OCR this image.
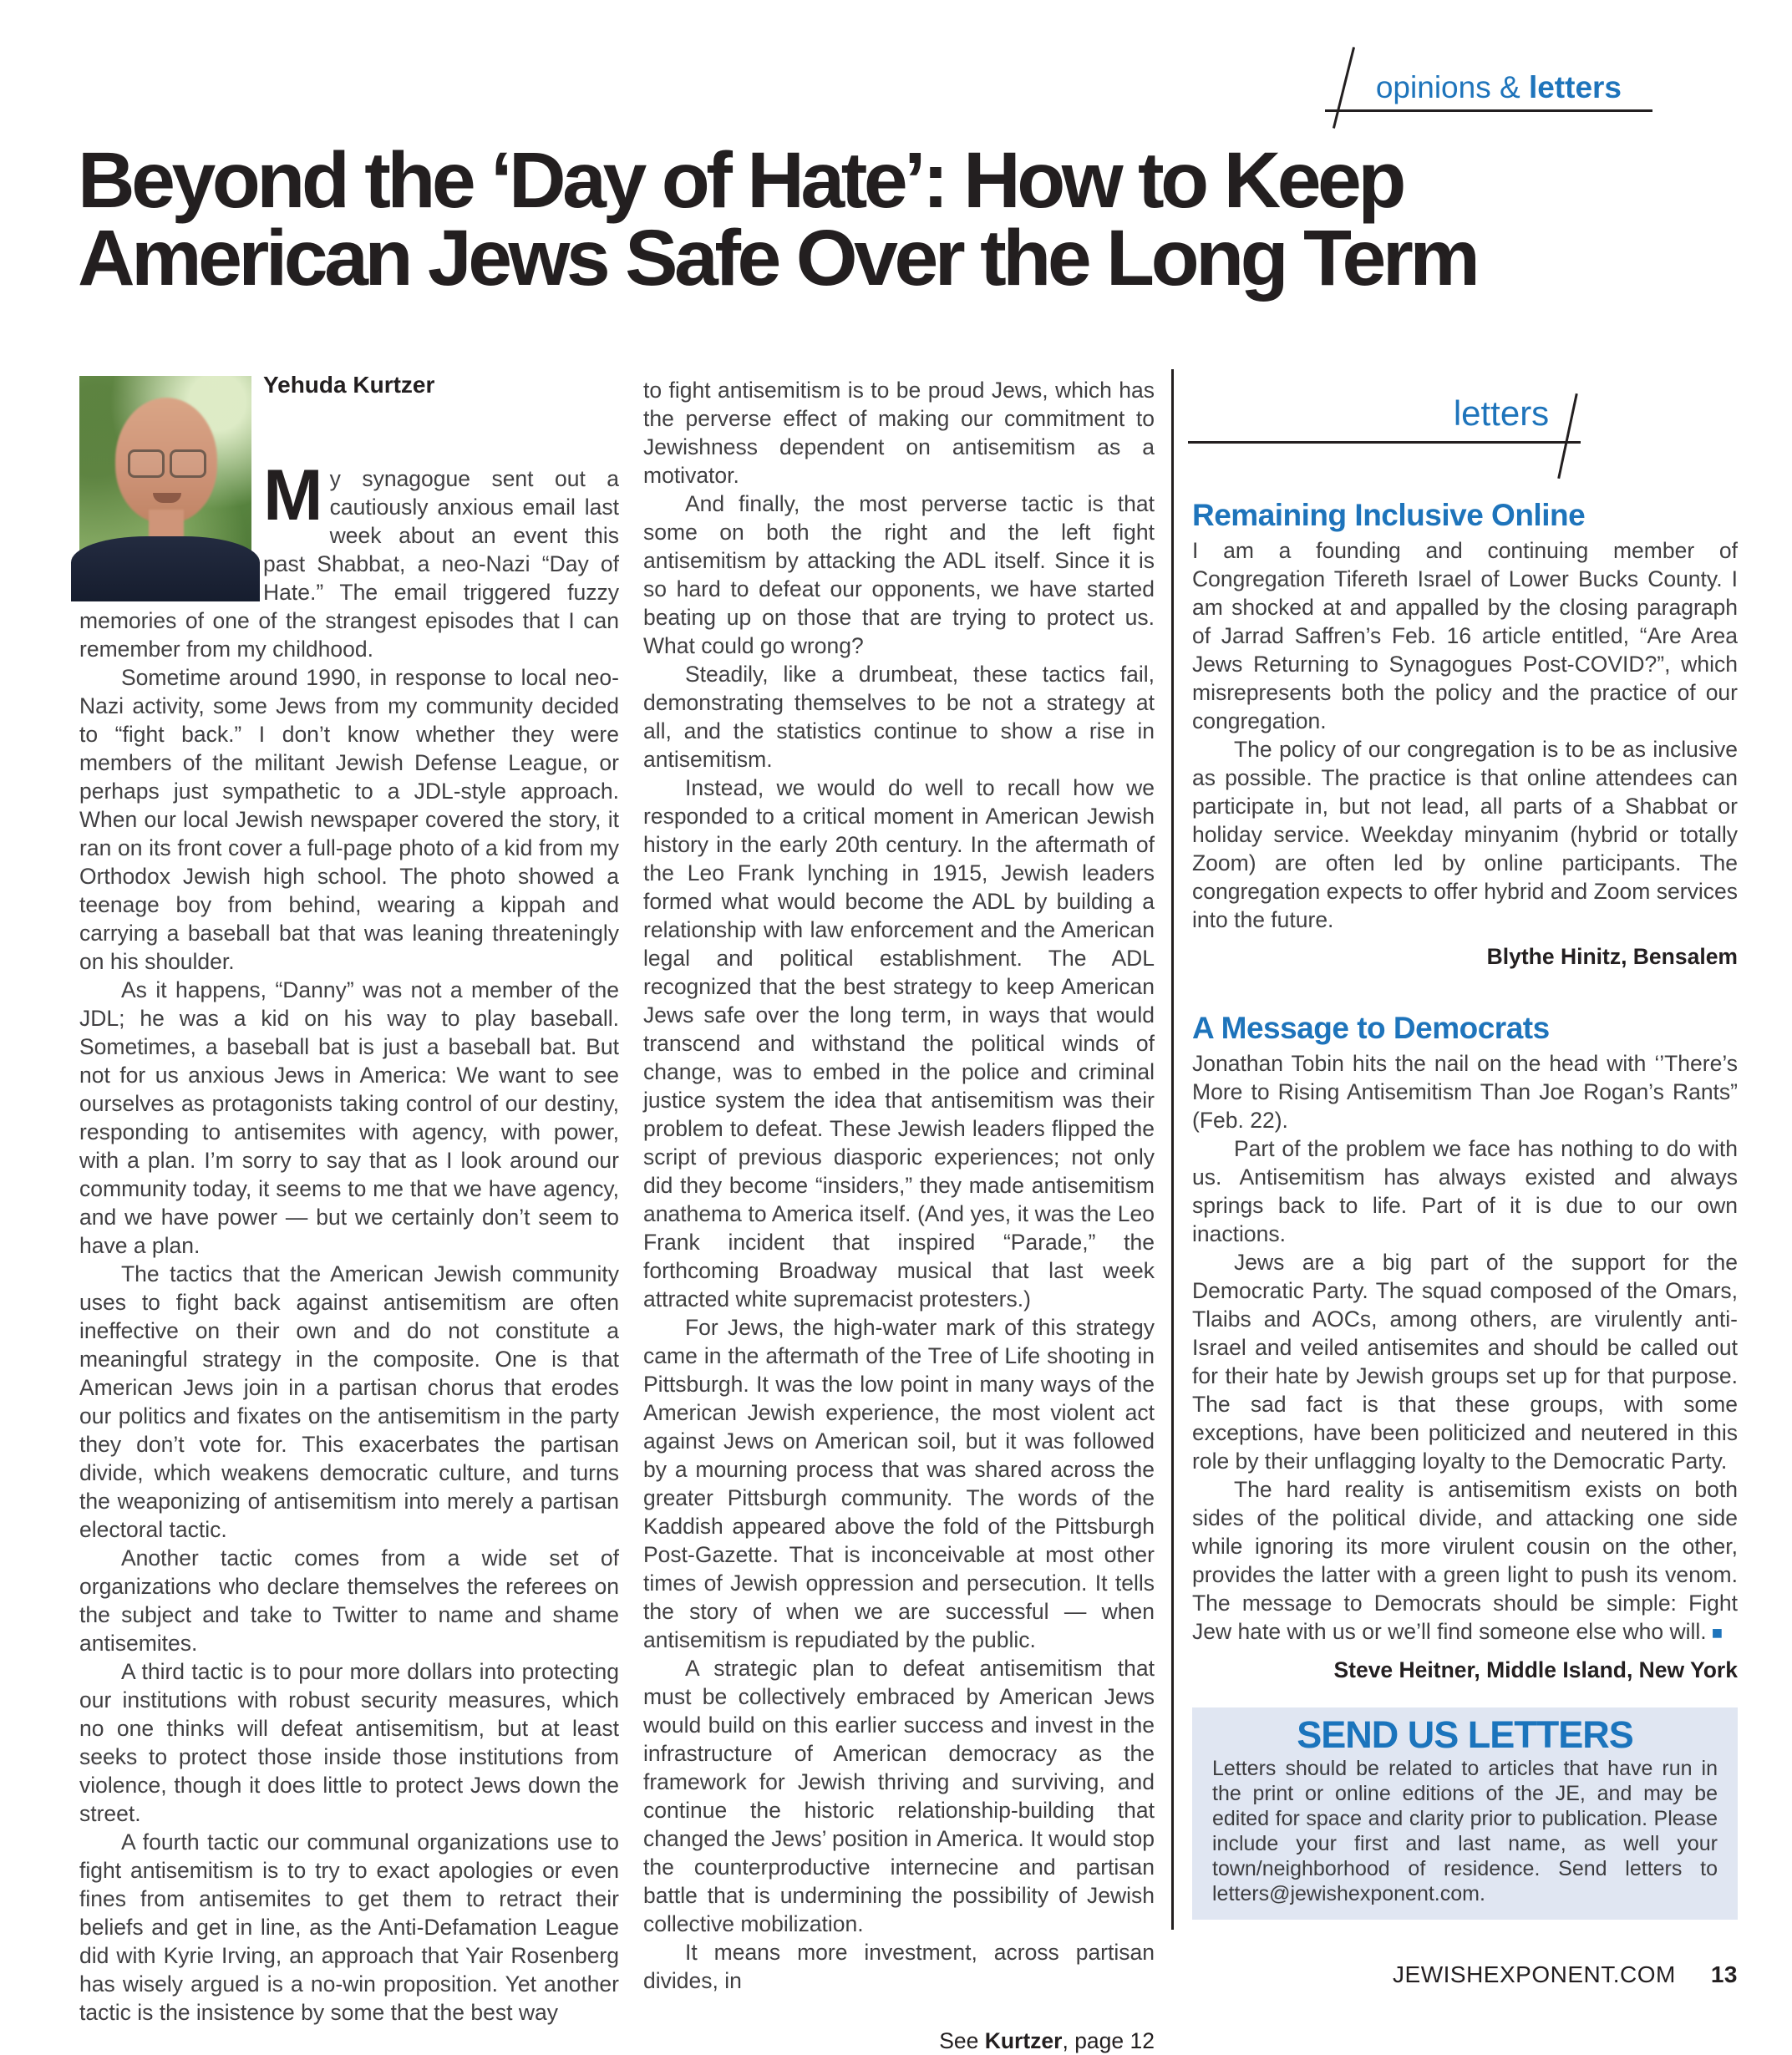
opinions & letters
Beyond the ‘Day of Hate’: How to Keep American Jews Safe Over the Long Term
Yehuda Kurtzer

My synagogue sent out a cautiously anxious email last week about an event this past Shabbat, a neo-Nazi “Day of Hate.” The email triggered fuzzy memories of one of the strangest episodes that I can remember from my childhood.

Sometime around 1990, in response to local neo-Nazi activity, some Jews from my community decided to “fight back.” I don’t know whether they were members of the militant Jewish Defense League, or perhaps just sympathetic to a JDL-style approach. When our local Jewish newspaper covered the story, it ran on its front cover a full-page photo of a kid from my Orthodox Jewish high school. The photo showed a teenage boy from behind, wearing a kippah and carrying a baseball bat that was leaning threateningly on his shoulder.

As it happens, “Danny” was not a member of the JDL; he was a kid on his way to play baseball. Sometimes, a baseball bat is just a baseball bat. But not for us anxious Jews in America: We want to see ourselves as protagonists taking control of our destiny, responding to antisemites with agency, with power, with a plan. I’m sorry to say that as I look around our community today, it seems to me that we have agency, and we have power — but we certainly don’t seem to have a plan.

The tactics that the American Jewish community uses to fight back against antisemitism are often ineffective on their own and do not constitute a meaningful strategy in the composite. One is that American Jews join in a partisan chorus that erodes our politics and fixates on the antisemitism in the party they don’t vote for. This exacerbates the partisan divide, which weakens democratic culture, and turns the weaponizing of antisemitism into merely a partisan electoral tactic.

Another tactic comes from a wide set of organizations who declare themselves the referees on the subject and take to Twitter to name and shame antisemites.

A third tactic is to pour more dollars into protecting our institutions with robust security measures, which no one thinks will defeat antisemitism, but at least seeks to protect those inside those institutions from violence, though it does little to protect Jews down the street.

A fourth tactic our communal organizations use to fight antisemitism is to try to exact apologies or even fines from antisemites to get them to retract their beliefs and get in line, as the Anti-Defamation League did with Kyrie Irving, an approach that Yair Rosenberg has wisely argued is a no-win proposition. Yet another tactic is the insistence by some that the best way

to fight antisemitism is to be proud Jews, which has the perverse effect of making our commitment to Jewishness dependent on antisemitism as a motivator.

And finally, the most perverse tactic is that some on both the right and the left fight antisemitism by attacking the ADL itself. Since it is so hard to defeat our opponents, we have started beating up on those that are trying to protect us. What could go wrong?

Steadily, like a drumbeat, these tactics fail, demonstrating themselves to be not a strategy at all, and the statistics continue to show a rise in antisemitism.

Instead, we would do well to recall how we responded to a critical moment in American Jewish history in the early 20th century. In the aftermath of the Leo Frank lynching in 1915, Jewish leaders formed what would become the ADL by building a relationship with law enforcement and the American legal and political establishment. The ADL recognized that the best strategy to keep American Jews safe over the long term, in ways that would transcend and withstand the political winds of change, was to embed in the police and criminal justice system the idea that antisemitism was their problem to defeat. These Jewish leaders flipped the script of previous diasporic experiences; not only did they become “insiders,” they made antisemitism anathema to America itself. (And yes, it was the Leo Frank incident that inspired “Parade,” the forthcoming Broadway musical that last week attracted white supremacist protesters.)

For Jews, the high-water mark of this strategy came in the aftermath of the Tree of Life shooting in Pittsburgh. It was the low point in many ways of the American Jewish experience, the most violent act against Jews on American soil, but it was followed by a mourning process that was shared across the greater Pittsburgh community. The words of the Kaddish appeared above the fold of the Pittsburgh Post-Gazette. That is inconceivable at most other times of Jewish oppression and persecution. It tells the story of when we are successful — when antisemitism is repudiated by the public.

A strategic plan to defeat antisemitism that must be collectively embraced by American Jews would build on this earlier success and invest in the infrastructure of American democracy as the framework for Jewish thriving and surviving, and continue the historic relationship-building that changed the Jews’ position in America. It would stop the counterproductive internecine and partisan battle that is undermining the possibility of Jewish collective mobilization.

It means more investment, across partisan divides, in

See Kurtzer, page 12
letters
Remaining Inclusive Online

I am a founding and continuing member of Congregation Tifereth Israel of Lower Bucks County. I am shocked at and appalled by the closing paragraph of Jarrad Saffren’s Feb. 16 article entitled, “Are Area Jews Returning to Synagogues Post-COVID?”, which misrepresents both the policy and the practice of our congregation.

The policy of our congregation is to be as inclusive as possible. The practice is that online attendees can participate in, but not lead, all parts of a Shabbat or holiday service. Weekday minyanim (hybrid or totally Zoom) are often led by online participants. The congregation expects to offer hybrid and Zoom services into the future.

Blythe Hinitz, Bensalem
A Message to Democrats

Jonathan Tobin hits the nail on the head with ‘’There’s More to Rising Antisemitism Than Joe Rogan’s Rants” (Feb. 22).

Part of the problem we face has nothing to do with us. Antisemitism has always existed and always springs back to life. Part of it is due to our own inactions.

Jews are a big part of the support for the Democratic Party. The squad composed of the Omars, Tlaibs and AOCs, among others, are virulently anti-Israel and veiled antisemites and should be called out for their hate by Jewish groups set up for that purpose. The sad fact is that these groups, with some exceptions, have been politicized and neutered in this role by their unflagging loyalty to the Democratic Party.

The hard reality is antisemitism exists on both sides of the political divide, and attacking one side while ignoring its more virulent cousin on the other, provides the latter with a green light to push its venom. The message to Democrats should be simple: Fight Jew hate with us or we’ll find someone else who will. ■

Steve Heitner, Middle Island, New York
SEND US LETTERS

Letters should be related to articles that have run in the print or online editions of the JE, and may be edited for space and clarity prior to publication. Please include your first and last name, as well your town/neighborhood of residence. Send letters to letters@jewishexponent.com.

JEWISHEXPONENT.COM 13
